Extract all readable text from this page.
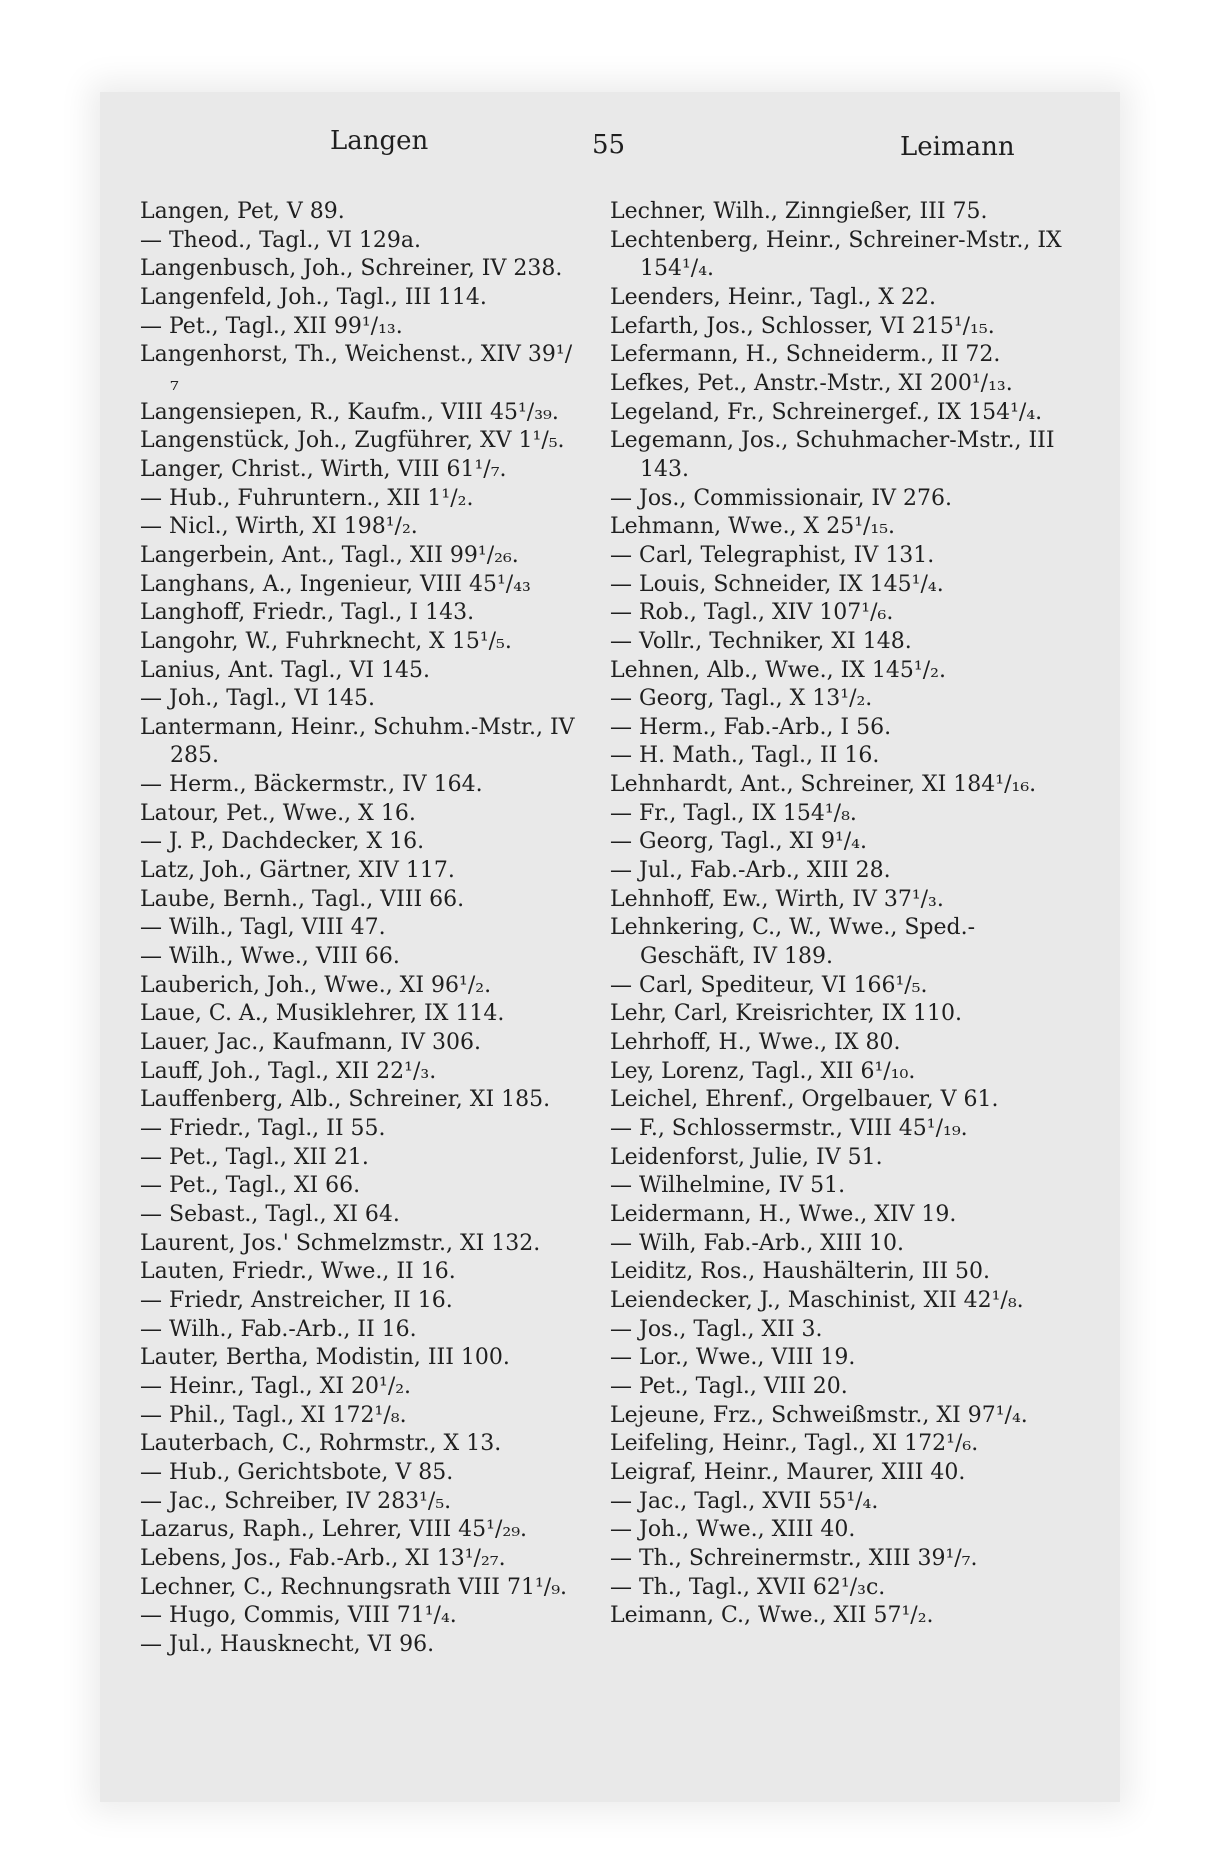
Langen	55	Leimann
Langen, Pet, V 89.
— Theod., Tagl., VI 129a.
Langenbusch, Joh., Schreiner, IV 238.
Langenfeld, Joh., Tagl., III 114.
— Pet., Tagl., XII 99¹/₁₃.
Langenhorst, Th., Weichenst., XIV 39¹/₇
Langensiepen, R., Kaufm., VIII 45¹/₃₉.
Langenstück, Joh., Zugführer, XV 1¹/₅.
Langer, Christ., Wirth, VIII 61¹/₇.
— Hub., Fuhruntern., XII 1¹/₂.
— Nicl., Wirth, XI 198¹/₂.
Langerbein, Ant., Tagl., XII 99¹/₂₆.
Langhans, A., Ingenieur, VIII 45¹/₄₃
Langhoff, Friedr., Tagl., I 143.
Langohr, W., Fuhrknecht, X 15¹/₅.
Lanius, Ant. Tagl., VI 145.
— Joh., Tagl., VI 145.
Lantermann, Heinr., Schuhm.-Mstr., IV 285.
— Herm., Bäckermstr., IV 164.
Latour, Pet., Wwe., X 16.
— J. P., Dachdecker, X 16.
Latz, Joh., Gärtner, XIV 117.
Laube, Bernh., Tagl., VIII 66.
— Wilh., Tagl, VIII 47.
— Wilh., Wwe., VIII 66.
Lauberich, Joh., Wwe., XI 96¹/₂.
Laue, C. A., Musiklehrer, IX 114.
Lauer, Jac., Kaufmann, IV 306.
Lauff, Joh., Tagl., XII 22¹/₃.
Lauffenberg, Alb., Schreiner, XI 185.
— Friedr., Tagl., II 55.
— Pet., Tagl., XII 21.
— Pet., Tagl., XI 66.
— Sebast., Tagl., XI 64.
Laurent, Jos.' Schmelzmstr., XI 132.
Lauten, Friedr., Wwe., II 16.
— Friedr, Anstreicher, II 16.
— Wilh., Fab.-Arb., II 16.
Lauter, Bertha, Modistin, III 100.
— Heinr., Tagl., XI 20¹/₂.
— Phil., Tagl., XI 172¹/₈.
Lauterbach, C., Rohrmstr., X 13.
— Hub., Gerichtsbote, V 85.
— Jac., Schreiber, IV 283¹/₅.
Lazarus, Raph., Lehrer, VIII 45¹/₂₉.
Lebens, Jos., Fab.-Arb., XI 13¹/₂₇.
Lechner, C., Rechnungsrath VIII 71¹/₉.
— Hugo, Commis, VIII 71¹/₄.
— Jul., Hausknecht, VI 96.
Lechner, Wilh., Zinngießer, III 75.
Lechtenberg, Heinr., Schreiner-Mstr., IX 154¹/₄.
Leenders, Heinr., Tagl., X 22.
Lefarth, Jos., Schlosser, VI 215¹/₁₅.
Lefermann, H., Schneiderm., II 72.
Lefkes, Pet., Anstr.-Mstr., XI 200¹/₁₃.
Legeland, Fr., Schreinergef., IX 154¹/₄.
Legemann, Jos., Schuhmacher-Mstr., III 143.
— Jos., Commissionair, IV 276.
Lehmann, Wwe., X 25¹/₁₅.
— Carl, Telegraphist, IV 131.
— Louis, Schneider, IX 145¹/₄.
— Rob., Tagl., XIV 107¹/₆.
— Vollr., Techniker, XI 148.
Lehnen, Alb., Wwe., IX 145¹/₂.
— Georg, Tagl., X 13¹/₂.
— Herm., Fab.-Arb., I 56.
— H. Math., Tagl., II 16.
Lehnhardt, Ant., Schreiner, XI 184¹/₁₆.
— Fr., Tagl., IX 154¹/₈.
— Georg, Tagl., XI 9¹/₄.
— Jul., Fab.-Arb., XIII 28.
Lehnhoff, Ew., Wirth, IV 37¹/₃.
Lehnkering, C., W., Wwe., Sped.-Geschäft, IV 189.
— Carl, Spediteur, VI 166¹/₅.
Lehr, Carl, Kreisrichter, IX 110.
Lehrhoff, H., Wwe., IX 80.
Ley, Lorenz, Tagl., XII 6¹/₁₀.
Leichel, Ehrenf., Orgelbauer, V 61.
— F., Schlossermstr., VIII 45¹/₁₉.
Leidenforst, Julie, IV 51.
— Wilhelmine, IV 51.
Leidermann, H., Wwe., XIV 19.
— Wilh, Fab.-Arb., XIII 10.
Leiditz, Ros., Haushälterin, III 50.
Leiendecker, J., Maschinist, XII 42¹/₈.
— Jos., Tagl., XII 3.
— Lor., Wwe., VIII 19.
— Pet., Tagl., VIII 20.
Lejeune, Frz., Schweißmstr., XI 97¹/₄.
Leifeling, Heinr., Tagl., XI 172¹/₆.
Leigraf, Heinr., Maurer, XIII 40.
— Jac., Tagl., XVII 55¹/₄.
— Joh., Wwe., XIII 40.
— Th., Schreinermstr., XIII 39¹/₇.
— Th., Tagl., XVII 62¹/₃c.
Leimann, C., Wwe., XII 57¹/₂.
